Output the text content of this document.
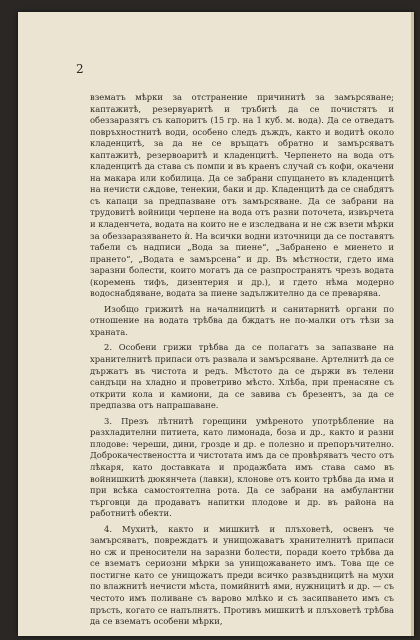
2

взематъ мѣрки за отстранение причинитѣ за замърсяване; каптажитѣ, резервуаритѣ и тръбитѣ да се почистятъ и обеззаразятъ съ капоритъ (15 гр. на 1 куб. м. вода). Да се отведатъ повръхностнитѣ води, особено следъ дъждъ, както и водитѣ около кладенцитѣ, за да не се връщатъ обратно и замърсяватъ каптажитѣ, резервоаритѣ и кладенцитѣ. Черпенето на вода отъ кладенцитѣ да става съ помпи и въ краенъ случай съ кофи, окачени на макара или кобилица. Да се забрани спущането въ кладенцитѣ на нечисти сѫдове, тенекии, баки и др. Кладенцитѣ да се снабдятъ съ капаци за предпазване отъ замърсяване. Да се забрани на трудовитѣ войници черпене на вода отъ разни поточета, извърчета и кладенчета, водата на които не е изследвана и не сж взети мѣрки за обеззаразяването ѝ. На всички водни източници да се поставятъ табели съ надписи „Вода за пиене“, „Забранено е миенето и прането“, „Водата е замърсена“ и др. Въ мѣстности, гдето има заразни болести, които могатъ да се разпространятъ чрезъ водата (коремень тифъ, дизентерия и др.), и гдето нѣма модерно водоснабдяване, водата за пиене задължително да се преварява.

Изобщо грижитѣ на началницитѣ и санитарнитѣ органи по отношение на водата трѣбва да бждатъ не по-малки отъ тѣзи за храната.

2. Особени грижи трѣбва да се полагатъ за запазване на хранителнитѣ припаси отъ развала и замърсяване. Артелнитѣ да се държатъ въ чистота и редъ. Мѣстото да се държи въ телени сандъци на хладно и проветриво мѣсто. Хлѣба, при пренасяне съ открити кола и камиони, да се завива съ брезентъ, за да се предпазва отъ напрашаване.

3. Презъ лѣтнитѣ горещини умѣреното употрѣбление на разхладителни питиета, като лимонада, боза и др., както и разни плодове: череши, дини, грозде и др. е полезно и препоръчително. Доброкачествеността и чистотата имъ да се провѣряватъ често отъ лѣкаря, като доставката и продажбата имъ става само въ войнишкитѣ дюкянчета (лавки), клонове отъ които трѣбва да има и при всѣка самостоятелна рота. Да се забрани на амбулантни търговци да продаватъ напитки плодове и др. въ района на работнитѣ обекти.

4. Мухитѣ, както и мишкитѣ и плъховетѣ, освенъ че замърсяватъ, повреждатъ и унищожаватъ хранителнитѣ припаси но сж и преносители на заразни болести, поради което трѣбва да се взематъ сериозни мѣрки за унищожаването имъ. Това ще се постигне като се унищожатъ преди всичко развъдницитѣ на мухи по влажнитѣ нечисти мѣста, помийнитѣ ями, нужницитѣ и др. — съ честото имъ поливане съ варово млѣко и съ засипването имъ съ пръсть, когато се напълнятъ. Противъ мишкитѣ и плъховетѣ трѣбва да се взематъ особени мѣрки,
